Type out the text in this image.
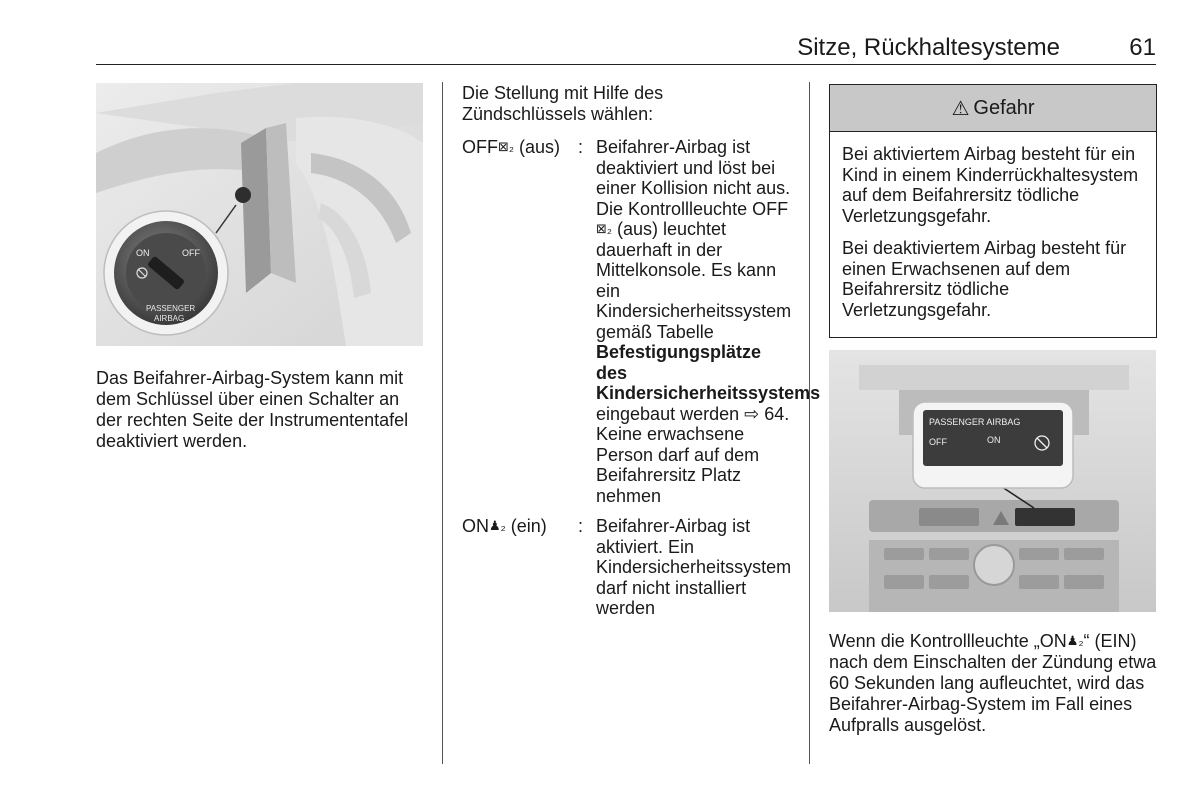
Sitze, Rückhaltesysteme	61
ON	OFF
PASSENGER
AIRBAG
Das Beifahrer-Airbag-System kann mit dem Schlüssel über einen Schalter an der rechten Seite der Instrumententafel deaktiviert werden.
Die Stellung mit Hilfe des Zündschlüssels wählen:
OFF⊠₂ (aus) : Beifahrer-Airbag ist deaktiviert und löst bei einer Kollision nicht aus. Die Kontrollleuchte OFF⊠₂ (aus) leuchtet dauerhaft in der Mittelkonsole. Es kann ein Kindersicherheitssystem gemäß Tabelle Befestigungsplätze des Kindersicherheitssystems eingebaut werden ⇨ 64. Keine erwachsene Person darf auf dem Beifahrersitz Platz nehmen
ON♟₂ (ein) : Beifahrer-Airbag ist aktiviert. Ein Kindersicherheitssystem darf nicht installiert werden
⚠ Gefahr

Bei aktiviertem Airbag besteht für ein Kind in einem Kinderrückhaltesystem auf dem Beifahrersitz tödliche Verletzungsgefahr.

Bei deaktiviertem Airbag besteht für einen Erwachsenen auf dem Beifahrersitz tödliche Verletzungsgefahr.

PASSENGER AIRBAG
OFF	ON
Wenn die Kontrollleuchte „ON♟₂“ (EIN) nach dem Einschalten der Zündung etwa 60 Sekunden lang aufleuchtet, wird das Beifahrer-Airbag-System im Fall eines Aufpralls ausgelöst.
